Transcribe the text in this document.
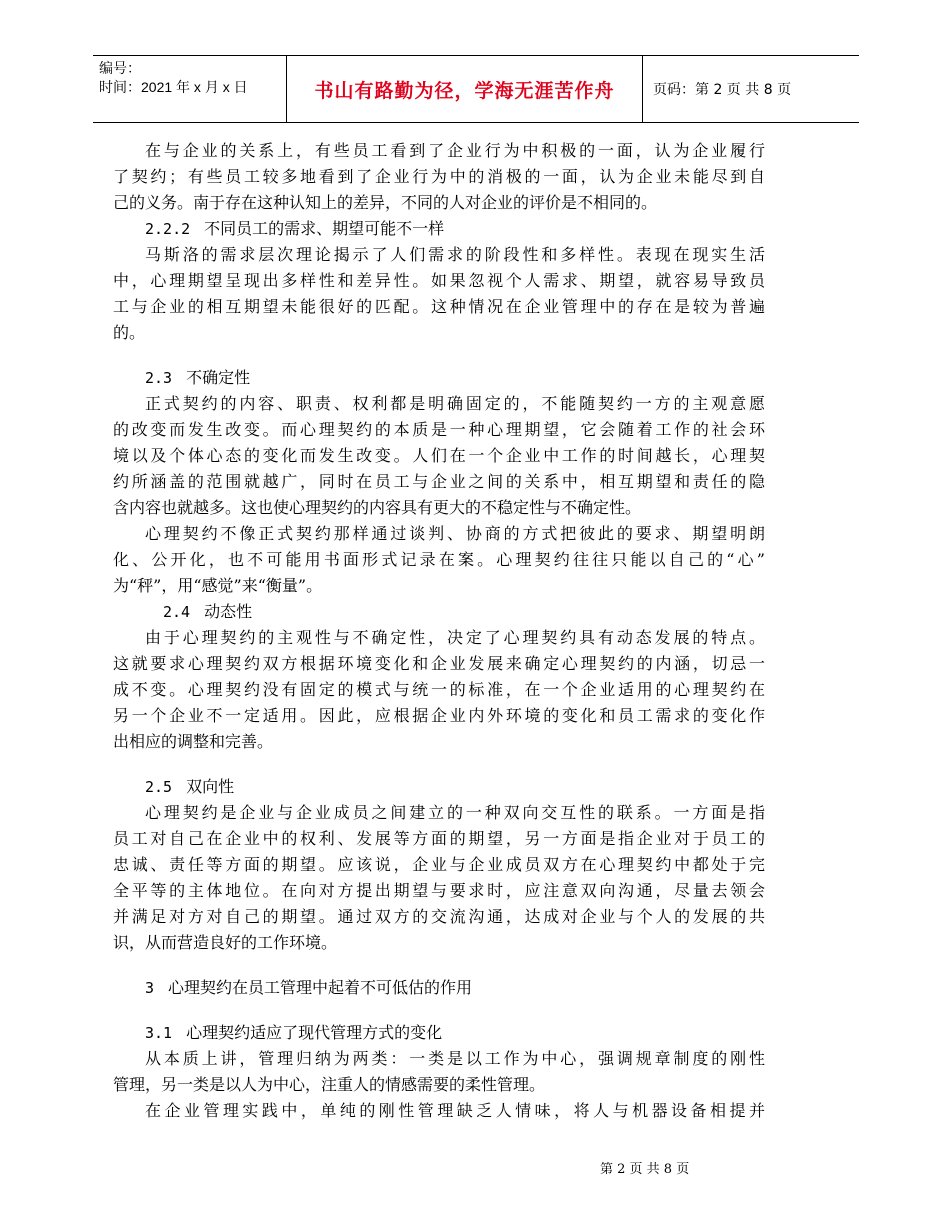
编号：
时间：2021 年 x 月 x 日	书山有路勤为径，学海无涯苦作舟	页码：第 2 页 共 8 页
在与企业的关系上，有些员工看到了企业行为中积极的一面，认为企业履行
了契约；有些员工较多地看到了企业行为中的消极的一面，认为企业未能尽到自
己的义务。南于存在这种认知上的差异，不同的人对企业的评价是不相同的。
2.2.2 不同员工的需求、期望可能不一样
马斯洛的需求层次理论揭示了人们需求的阶段性和多样性。表现在现实生活
中，心理期望呈现出多样性和差异性。如果忽视个人需求、期望，就容易导致员
工与企业的相互期望未能很好的匹配。这种情况在企业管理中的存在是较为普遍
的。
2.3 不确定性
正式契约的内容、职责、权利都是明确固定的，不能随契约一方的主观意愿
的改变而发生改变。而心理契约的本质是一种心理期望，它会随着工作的社会环
境以及个体心态的变化而发生改变。人们在一个企业中工作的时间越长，心理契
约所涵盖的范围就越广，同时在员工与企业之间的关系中，相互期望和责任的隐
含内容也就越多。这也使心理契约的内容具有更大的不稳定性与不确定性。
心理契约不像正式契约那样通过谈判、协商的方式把彼此的要求、期望明朗
化、公开化，也不可能用书面形式记录在案。心理契约往往只能以自己的“心”
为“秤”，用“感觉”来“衡量”。
2.4 动态性
由于心理契约的主观性与不确定性，决定了心理契约具有动态发展的特点。
这就要求心理契约双方根据环境变化和企业发展来确定心理契约的内涵，切忌一
成不变。心理契约没有固定的模式与统一的标准，在一个企业适用的心理契约在
另一个企业不一定适用。因此，应根据企业内外环境的变化和员工需求的变化作
出相应的调整和完善。
2.5 双向性
心理契约是企业与企业成员之间建立的一种双向交互性的联系。一方面是指
员工对自己在企业中的权利、发展等方面的期望，另一方面是指企业对于员工的
忠诚、责任等方面的期望。应该说，企业与企业成员双方在心理契约中都处于完
全平等的主体地位。在向对方提出期望与要求时，应注意双向沟通，尽量去领会
并满足对方对自己的期望。通过双方的交流沟通，达成对企业与个人的发展的共
识，从而营造良好的工作环境。
3 心理契约在员工管理中起着不可低估的作用
3.1 心理契约适应了现代管理方式的变化
从本质上讲，管理归纳为两类：一类是以工作为中心，强调规章制度的刚性
管理，另一类是以人为中心，注重人的情感需要的柔性管理。
在企业管理实践中，单纯的刚性管理缺乏人情味，将人与机器设备相提并
第 2 页 共 8 页
